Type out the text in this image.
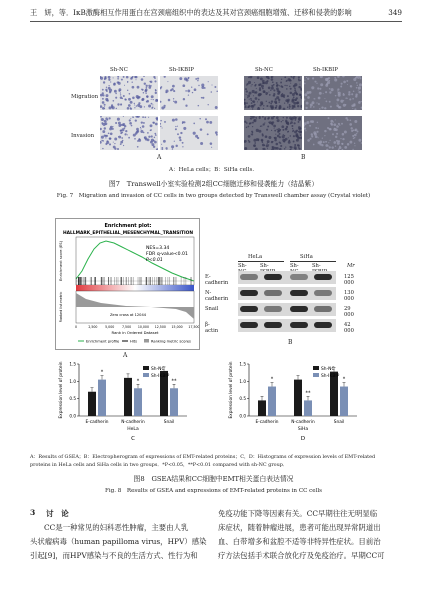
王　妍，等．IκB激酶相互作用蛋白在宫颈癌组织中的表达及其对宫颈癌细胞增殖、迁移和侵袭的影响	349
Sh-NC	Sh-IKBIP	Sh-NC	Sh-IKBIP
Migration
Invasion
A	B
A：HeLa cells；B：SiHa cells．
图7　Transwell小室实验检测2组CC细胞迁移和侵袭能力（结晶紫）
Fig. 7　Migration and invasion of CC cells in two groups detected by Transwell chamber assay (Crystal violet)
Enrichment plot:
HALLMARK_EPITHELIAL_MESENCHYMAL_TRANSITION
NES=3.34
FDR q-value<0.01
P<0.01
Enrichment score (ES)
Ranked list metric	Zero cross at 12044
0	2,500 5,000 7,500 10,000 12,500 15,000 17,500
Rank in Ordered Dataset
Enrichment profile	Hits	Ranking metric scores
A
HeLa	SiHa
Sh-	Sh-	Sh-	Sh-	Mr
E-cadherin
125 000
N-cadherin
130 000
Snail	29 000
β-actin
42 000
B
0.0
0.5
1.0
1.5
Expression level of protein	*
E-cadherin
*
N-cadherin
**
Snail
HeLa
C
Sh-NC
Sh-IKBIP
0.0
0.5
1.0
1.5
Expression level of protein	*
E-cadherin
**
N-cadherin
*
Snail
SiHa
D
Sh-NC
Sh-IKBIP
A：Results of GSEA；B：Electropherogram of expressions of EMT-related proteins；C，D：Histograms of expression levels of EMT-related
proteins in HeLa cells and SiHa cells in two groups．*P<0.05，**P<0.01 compared with sh-NC group．
图8　GSEA结果和CC细胞中EMT相关蛋白表达情况
Fig. 8　Results of GSEA and expressions of EMT-related proteins in CC cells
3 讨　论
CC是一种常见的妇科恶性肿瘤，主要由人乳
头状瘤病毒（human papilloma virus，HPV）感染
引起[9]，而HPV感染与不良的生活方式、性行为和
免疫功能下降等因素有关。CC早期往往无明显临
床症状，随着肿瘤进展，患者可能出现异常阴道出
血、白带增多和盆腔不适等非特异性症状。目前治
疗方法包括手术联合放化疗及免疫治疗。早期CC可
